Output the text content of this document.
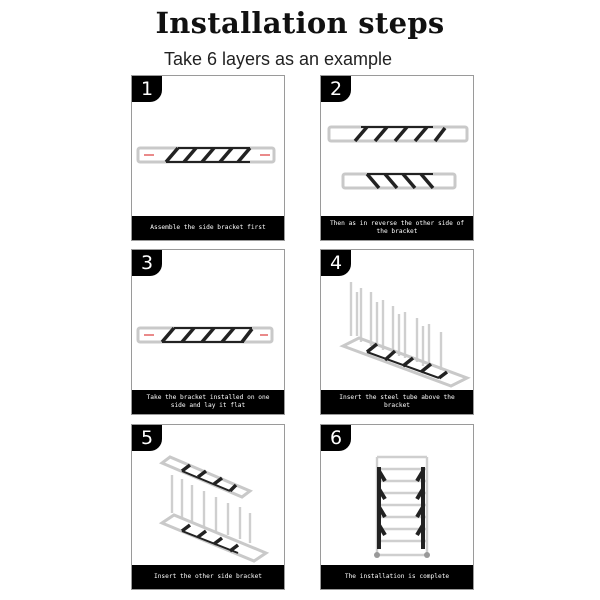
Installation steps
Take 6 layers as an example
1
Assemble the side bracket first
2
Then as in reverse the other side of the bracket
3
Take the bracket installed on one side and lay it flat
4
Insert the steel tube above the bracket
5
Insert the other side bracket
6
The installation is complete
